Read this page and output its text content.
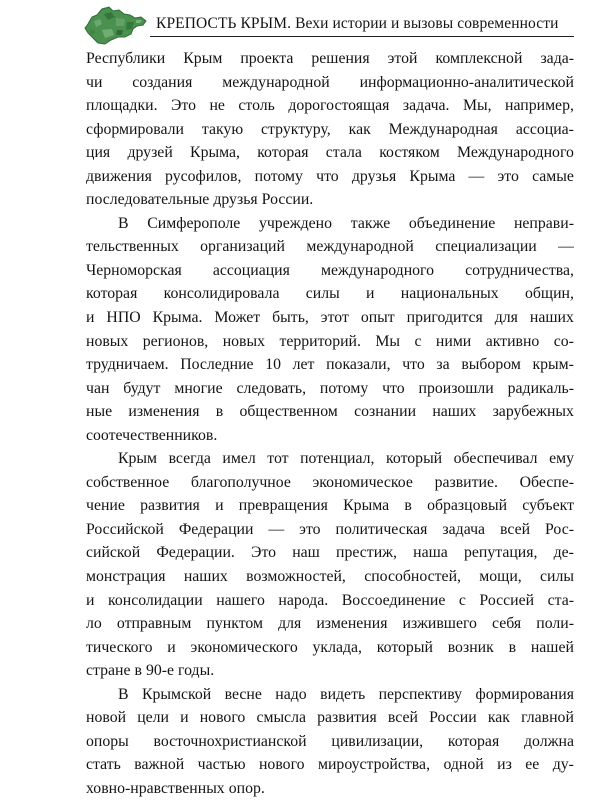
КРЕПОСТЬ КРЫМ. Вехи истории и вызовы современности
Республики Крым проекта решения этой комплексной зада-
чи создания международной информационно-аналитической
площадки. Это не столь дорогостоящая задача. Мы, например,
сформировали такую структуру, как Международная ассоциа-
ция друзей Крыма, которая стала костяком Международного
движения русофилов, потому что друзья Крыма — это самые
последовательные друзья России.
В Симферополе учреждено также объединение неправи-
тельственных организаций международной специализации —
Черноморская ассоциация международного сотрудничества,
которая консолидировала силы и национальных общин,
и НПО Крыма. Может быть, этот опыт пригодится для наших
новых регионов, новых территорий. Мы с ними активно со-
трудничаем. Последние 10 лет показали, что за выбором крым-
чан будут многие следовать, потому что произошли радикаль-
ные изменения в общественном сознании наших зарубежных
соотечественников.
Крым всегда имел тот потенциал, который обеспечивал ему
собственное благополучное экономическое развитие. Обеспе-
чение развития и превращения Крыма в образцовый субъект
Российской Федерации — это политическая задача всей Рос-
сийской Федерации. Это наш престиж, наша репутация, де-
монстрация наших возможностей, способностей, мощи, силы
и консолидации нашего народа. Воссоединение с Россией ста-
ло отправным пунктом для изменения изжившего себя поли-
тического и экономического уклада, который возник в нашей
стране в 90-е годы.
В Крымской весне надо видеть перспективу формирования
новой цели и нового смысла развития всей России как главной
опоры восточнохристианской цивилизации, которая должна
стать важной частью нового мироустройства, одной из ее ду-
ховно-нравственных опор.
